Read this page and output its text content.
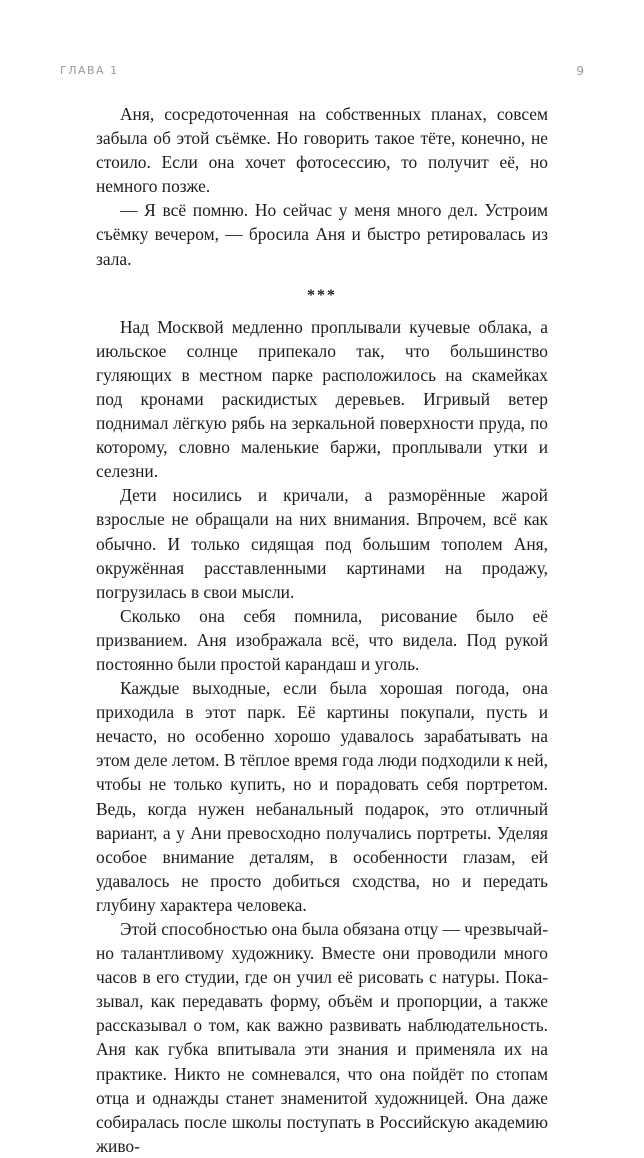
ГЛАВА 1	9

Аня, сосредоточенная на собственных планах, совсем забыла об этой съёмке. Но говорить такое тёте, конечно, не стоило. Если она хочет фотосессию, то получит её, но немного позже.

— Я всё помню. Но сейчас у меня много дел. Устроим съёмку вечером, — бросила Аня и быстро ретировалась из зала.

***

Над Москвой медленно проплывали кучевые облака, а июльское солнце припекало так, что большинство гуляющих в местном парке расположилось на скамейках под кронами раскидистых деревьев. Игривый ветер поднимал лёгкую рябь на зеркальной поверхности пруда, по которому, словно маленькие баржи, проплывали утки и селезни.

Дети носились и кричали, а разморённые жарой взрослые не обращали на них внимания. Впрочем, всё как обычно. И только сидящая под большим тополем Аня, окружённая расставленными картинами на продажу, погрузилась в свои мысли.

Сколько она себя помнила, рисование было её призванием. Аня изображала всё, что видела. Под рукой постоянно были простой карандаш и уголь.

Каждые выходные, если была хорошая погода, она приходила в этот парк. Её картины покупали, пусть и нечасто, но особенно хорошо удавалось зарабатывать на этом деле летом. В тёплое время года люди подходили к ней, чтобы не только купить, но и порадовать себя портретом. Ведь, когда нужен небанальный подарок, это отличный вариант, а у Ани превосходно получались портреты. Уделяя особое внимание деталям, в особенности глазам, ей удавалось не просто добиться сходства, но и передать глубину характера человека.

Этой способностью она была обязана отцу — чрезвычайно талантливому художнику. Вместе они проводили много часов в его студии, где он учил её рисовать с натуры. Показывал, как передавать форму, объём и пропорции, а также рассказывал о том, как важно развивать наблюдательность. Аня как губка впитывала эти знания и применяла их на практике. Никто не сомневался, что она пойдёт по стопам отца и однажды станет знаменитой художницей. Она даже собиралась после школы поступать в Российскую академию живо-
